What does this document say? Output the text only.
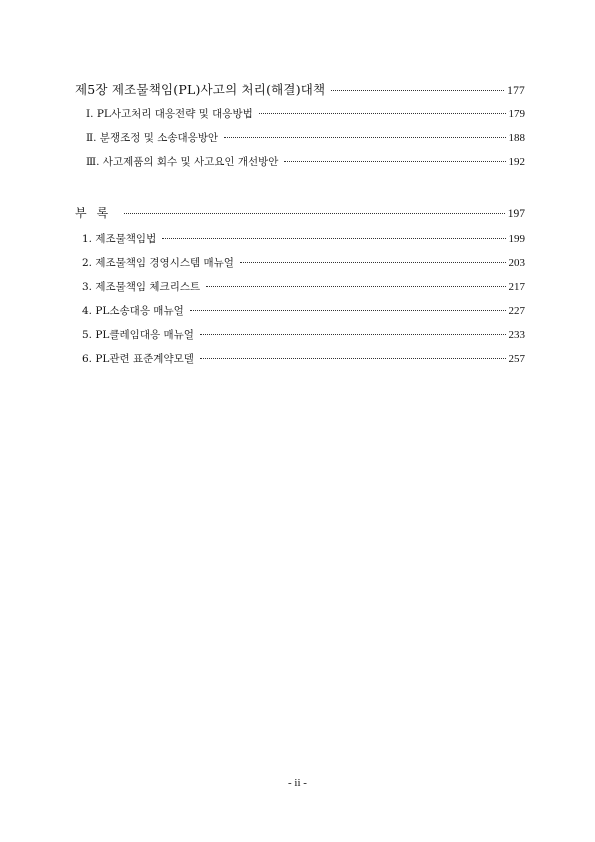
제5장 제조물책임(PL)사고의 처리(해결)대책	177
Ⅰ. PL사고처리 대응전략 및 대응방법	179
Ⅱ. 분쟁조정 및 소송대응방안	188
Ⅲ. 사고제품의 회수 및 사고요인 개선방안	192
부록	197
1. 제조물책임법	199
2. 제조물책임 경영시스템 매뉴얼	203
3. 제조물책임 체크리스트	217
4. PL소송대응 매뉴얼	227
5. PL클레임대응 매뉴얼	233
6. PL관련 표준계약모델	257
- ii -
